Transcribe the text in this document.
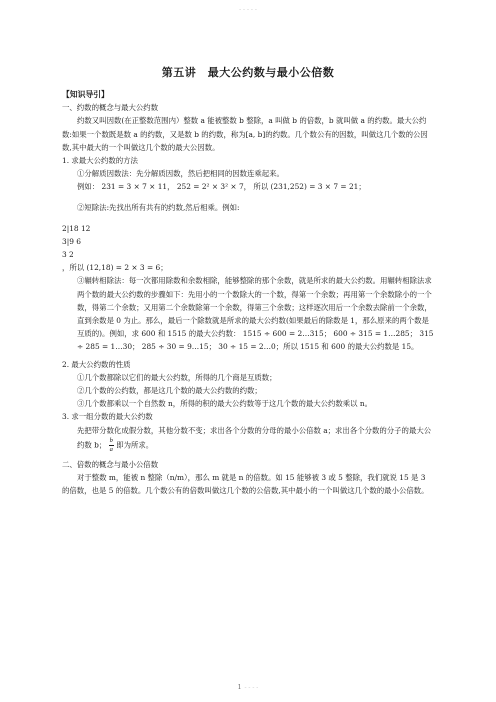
- - - - -
第五讲　最大公约数与最小公倍数

【知识导引】

一、约数的概念与最大公约数

约数又叫因数(在正整数范围内）整数 a 能被整数 b 整除，a 叫做 b 的倍数，b 就叫做 a 的约数。最大公约数:如果一个数既是数 a 的约数，又是数 b 的约数，称为[a, b]的约数。几个数公有的因数，叫做这几个数的公因数,其中最大的一个叫做这几个数的最大公因数。

1. 求最大公约数的方法

①分解质因数法：先分解质因数，然后把相同的因数连乘起来。

例如： 231 = 3 × 7 × 11， 252 = 2² × 3² × 7， 所以 (231,252) = 3 × 7 = 21；

②短除法:先找出所有共有的约数,然后相乘。例如:

2|18 12
3|9 6
3 2
，所以 (12,18) = 2 × 3 = 6；

③辗转相除法：每一次都用除数和余数相除，能够整除的那个余数，就是所求的最大公约数。用辗转相除法求两个数的最大公约数的步骤如下：先用小的一个数除大的一个数，得第一个余数；再用第一个余数除小的一个数，得第二个余数；又用第二个余数除第一个余数，得第三个余数；这样逐次用后一个余数去除前一个余数，直到余数是 0 为止。那么，最后一个除数就是所求的最大公约数(如果最后的除数是 1，那么原来的两个数是互质的)。例如，求 600 和 1515 的最大公约数： 1515 ÷ 600 = 2…315； 600 ÷ 315 = 1…285； 315 ÷ 285 = 1…30； 285 ÷ 30 = 9…15； 30 ÷ 15 = 2…0；所以 1515 和 600 的最大公约数是 15。

2. 最大公约数的性质

①几个数都除以它们的最大公约数，所得的几个商是互质数；

②几个数的公约数，都是这几个数的最大公约数的约数；

③几个数都乘以一个自然数 n，所得的积的最大公约数等于这几个数的最大公约数乘以 n。

3. 求一组分数的最大公约数

先把带分数化成假分数，其他分数不变；求出各个分数的分母的最小公倍数 a；求出各个分数的分子的最大公约数 b； $\frac{b}{a}$ 即为所求。

二、倍数的概念与最小公倍数

对于整数 m，能被 n 整除（n/m），那么 m 就是 n 的倍数。如 15 能够被 3 或 5 整除，我们就说 15 是 3 的倍数，也是 5 的倍数。几个数公有的倍数叫做这几个数的公倍数,其中最小的一个叫做这几个数的最小公倍数。

1 - - - -
